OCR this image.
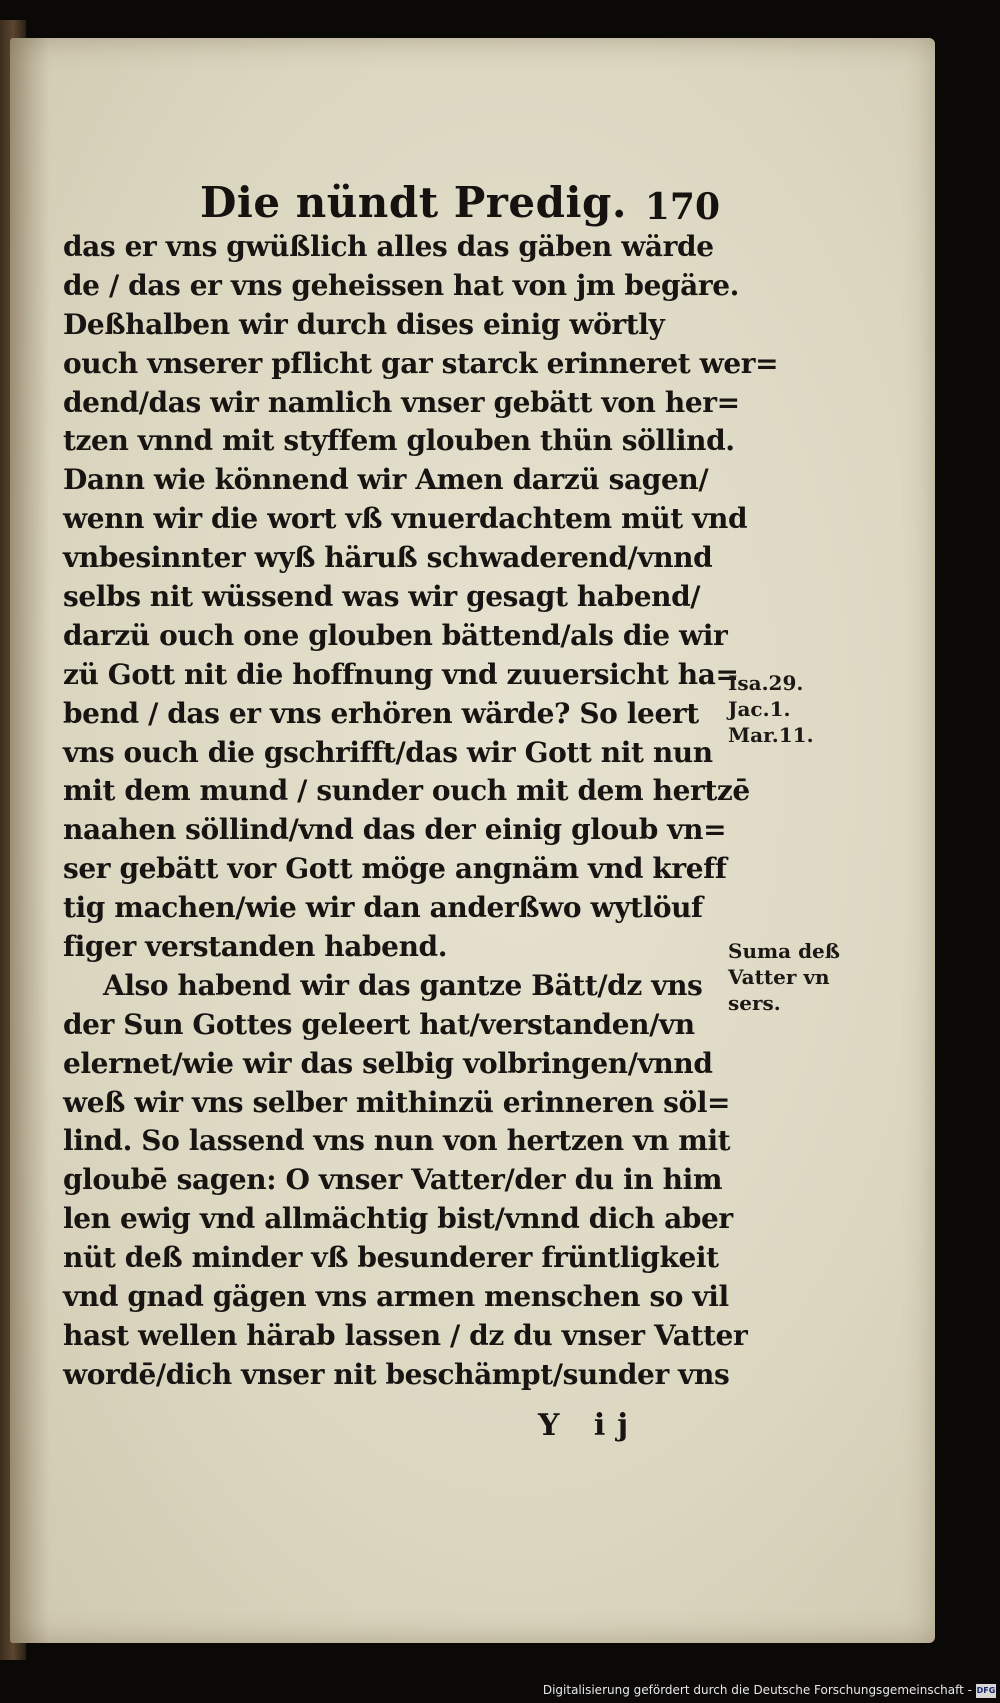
Die nündt Predig. 170
das er vns gwüßlich alles das gäben wärde
de / das er vns geheissen hat von jm begäre.
Deßhalben wir durch dises einig wörtly
ouch vnserer pflicht gar starck erinneret wer=
dend/das wir namlich vnser gebätt von her=
tzen vnnd mit styffem glouben thün söllind.
Dann wie könnend wir Amen darzü sagen/
wenn wir die wort vß vnuerdachtem müt vnd
vnbesinnter wyß häruß schwaderend/vnnd
selbs nit wüssend was wir gesagt habend/
darzü ouch one glouben bättend/als die wir
zü Gott nit die hoffnung vnd zuuersicht ha=
bend / das er vns erhören wärde? So leert
vns ouch die gschrifft/das wir Gott nit nun
mit dem mund / sunder ouch mit dem hertzē
naahen söllind/vnd das der einig gloub vn=
ser gebätt vor Gott möge angnäm vnd kreff
tig machen/wie wir dan anderßwo wytlöuf
figer verstanden habend.
Also habend wir das gantze Bätt/dz vns
der Sun Gottes geleert hat/verstanden/vn
elernet/wie wir das selbig volbringen/vnnd
weß wir vns selber mithinzü erinneren söl=
lind. So lassend vns nun von hertzen vn mit
gloubē sagen: O vnser Vatter/der du in him
len ewig vnd allmächtig bist/vnnd dich aber
nüt deß minder vß besunderer früntligkeit
vnd gnad gägen vns armen menschen so vil
hast wellen härab lassen / dz du vnser Vatter
wordē/dich vnser nit beschämpt/sunder vns
Isa.29.
Jac.1.
Mar.11.
Suma deß
Vatter vn
sers.
Y ij
Digitalisierung gefördert durch die Deutsche Forschungsgemeinschaft - DFG
